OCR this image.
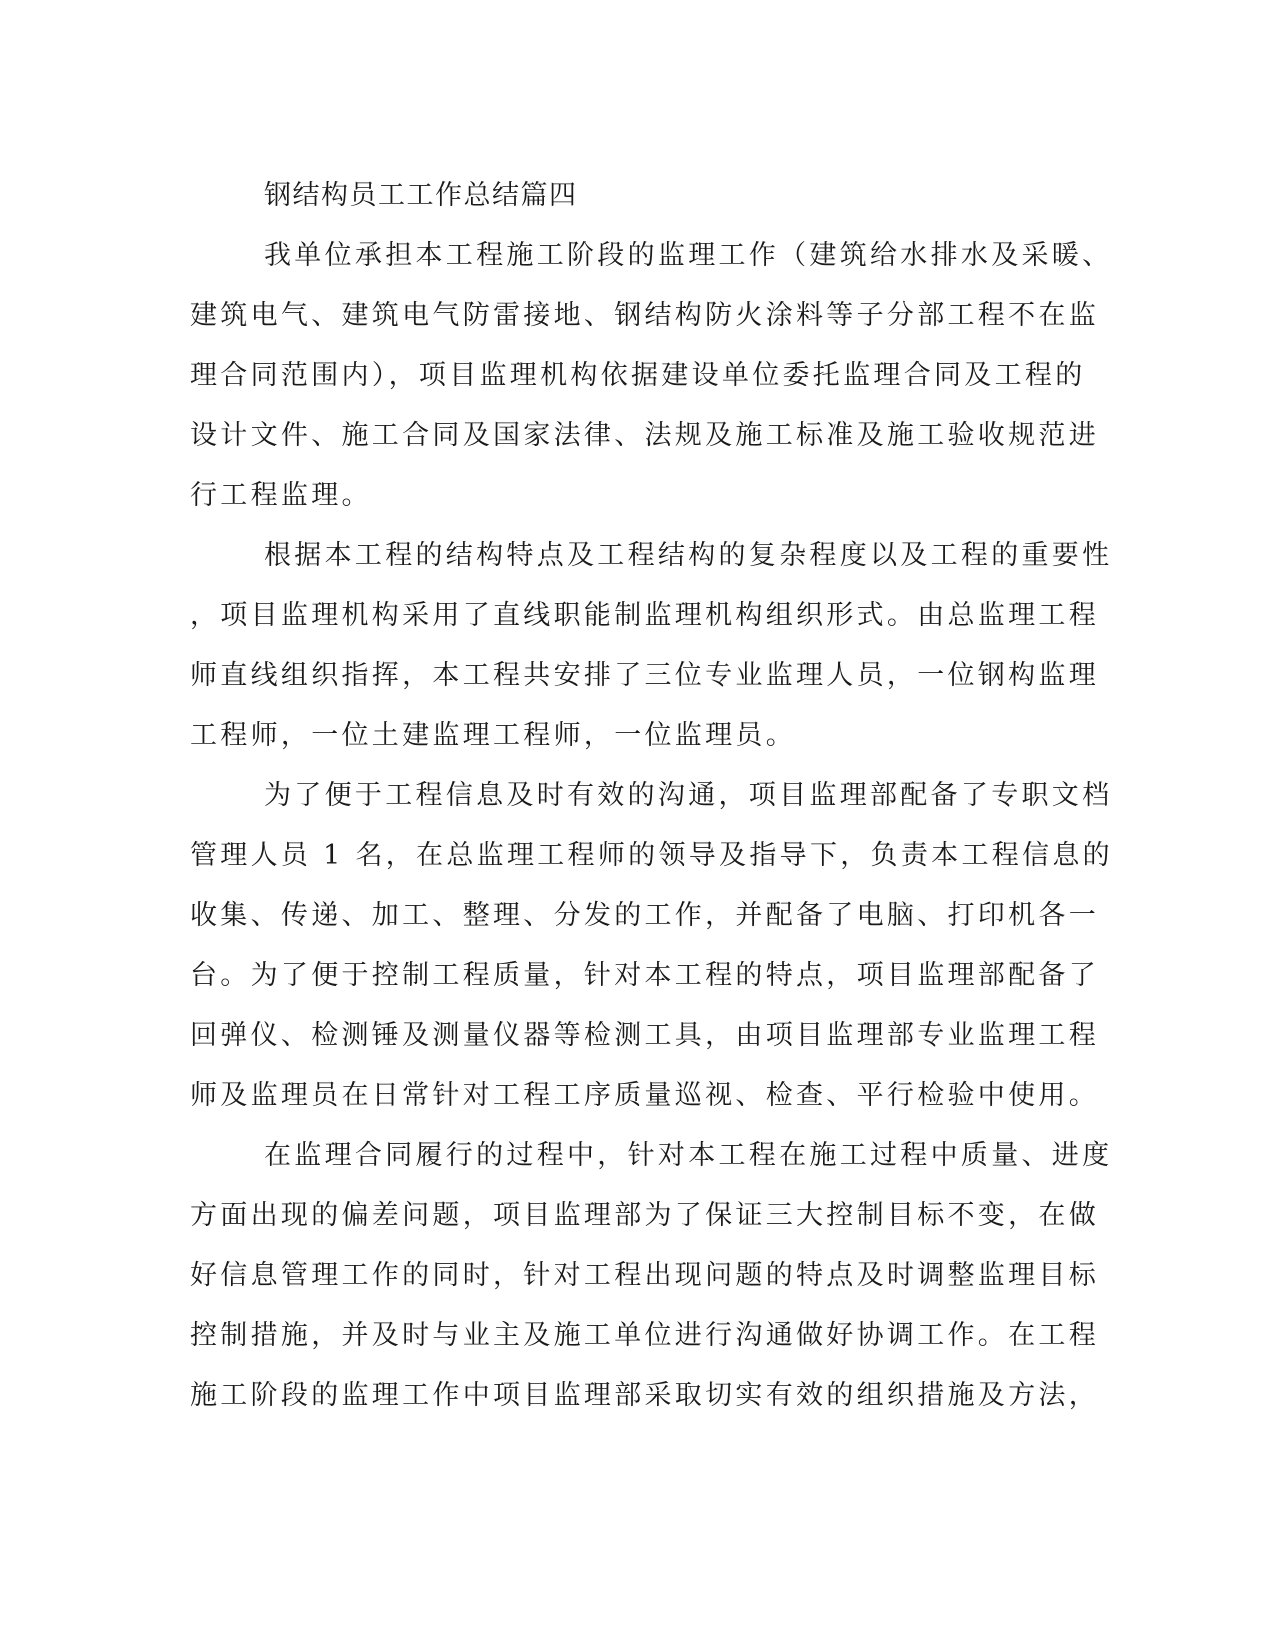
钢结构员工工作总结篇四
我单位承担本工程施工阶段的监理工作（建筑给水排水及采暖、
建筑电气、建筑电气防雷接地、钢结构防火涂料等子分部工程不在监
理合同范围内），项目监理机构依据建设单位委托监理合同及工程的
设计文件、施工合同及国家法律、法规及施工标准及施工验收规范进
行工程监理。
根据本工程的结构特点及工程结构的复杂程度以及工程的重要性
，项目监理机构采用了直线职能制监理机构组织形式。由总监理工程
师直线组织指挥，本工程共安排了三位专业监理人员，一位钢构监理
工程师，一位土建监理工程师，一位监理员。
为了便于工程信息及时有效的沟通，项目监理部配备了专职文档
管理人员 1 名，在总监理工程师的领导及指导下，负责本工程信息的
收集、传递、加工、整理、分发的工作，并配备了电脑、打印机各一
台。为了便于控制工程质量，针对本工程的特点，项目监理部配备了
回弹仪、检测锤及测量仪器等检测工具，由项目监理部专业监理工程
师及监理员在日常针对工程工序质量巡视、检查、平行检验中使用。
在监理合同履行的过程中，针对本工程在施工过程中质量、进度
方面出现的偏差问题，项目监理部为了保证三大控制目标不变，在做
好信息管理工作的同时，针对工程出现问题的特点及时调整监理目标
控制措施，并及时与业主及施工单位进行沟通做好协调工作。在工程
施工阶段的监理工作中项目监理部采取切实有效的组织措施及方法，
